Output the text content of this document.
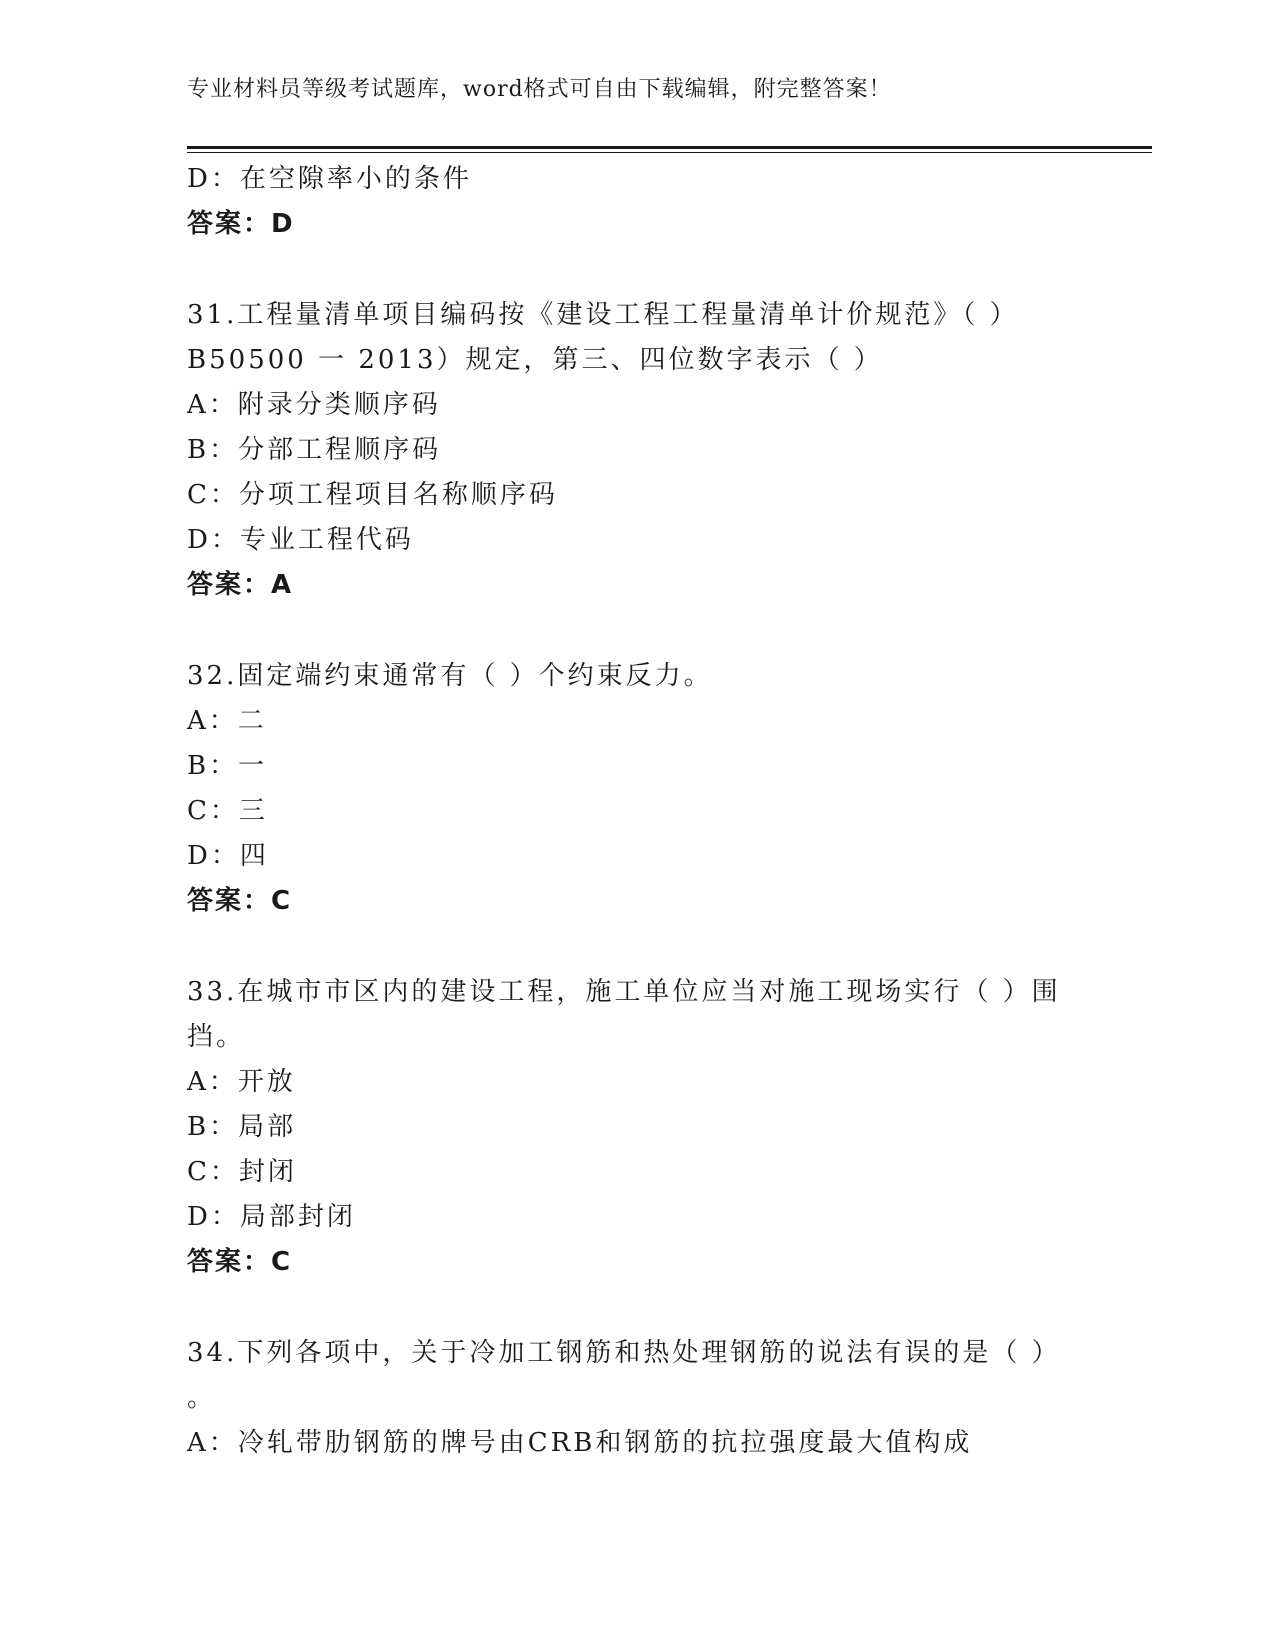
专业材料员等级考试题库，word格式可自由下载编辑，附完整答案！
D：在空隙率小的条件
答案：D
31.工程量清单项目编码按《建设工程工程量清单计价规范》（ ）
B50500 一 2013）规定，第三、四位数字表示（ ）
A：附录分类顺序码
B：分部工程顺序码
C：分项工程项目名称顺序码
D：专业工程代码
答案：A
32.固定端约束通常有（ ）个约束反力。
A：二
B：一
C：三
D：四
答案：C
33.在城市市区内的建设工程，施工单位应当对施工现场实行（ ）围
挡。
A：开放
B：局部
C：封闭
D：局部封闭
答案：C
34.下列各项中，关于冷加工钢筋和热处理钢筋的说法有误的是（ ）
。
A：冷轧带肋钢筋的牌号由CRB和钢筋的抗拉强度最大值构成
